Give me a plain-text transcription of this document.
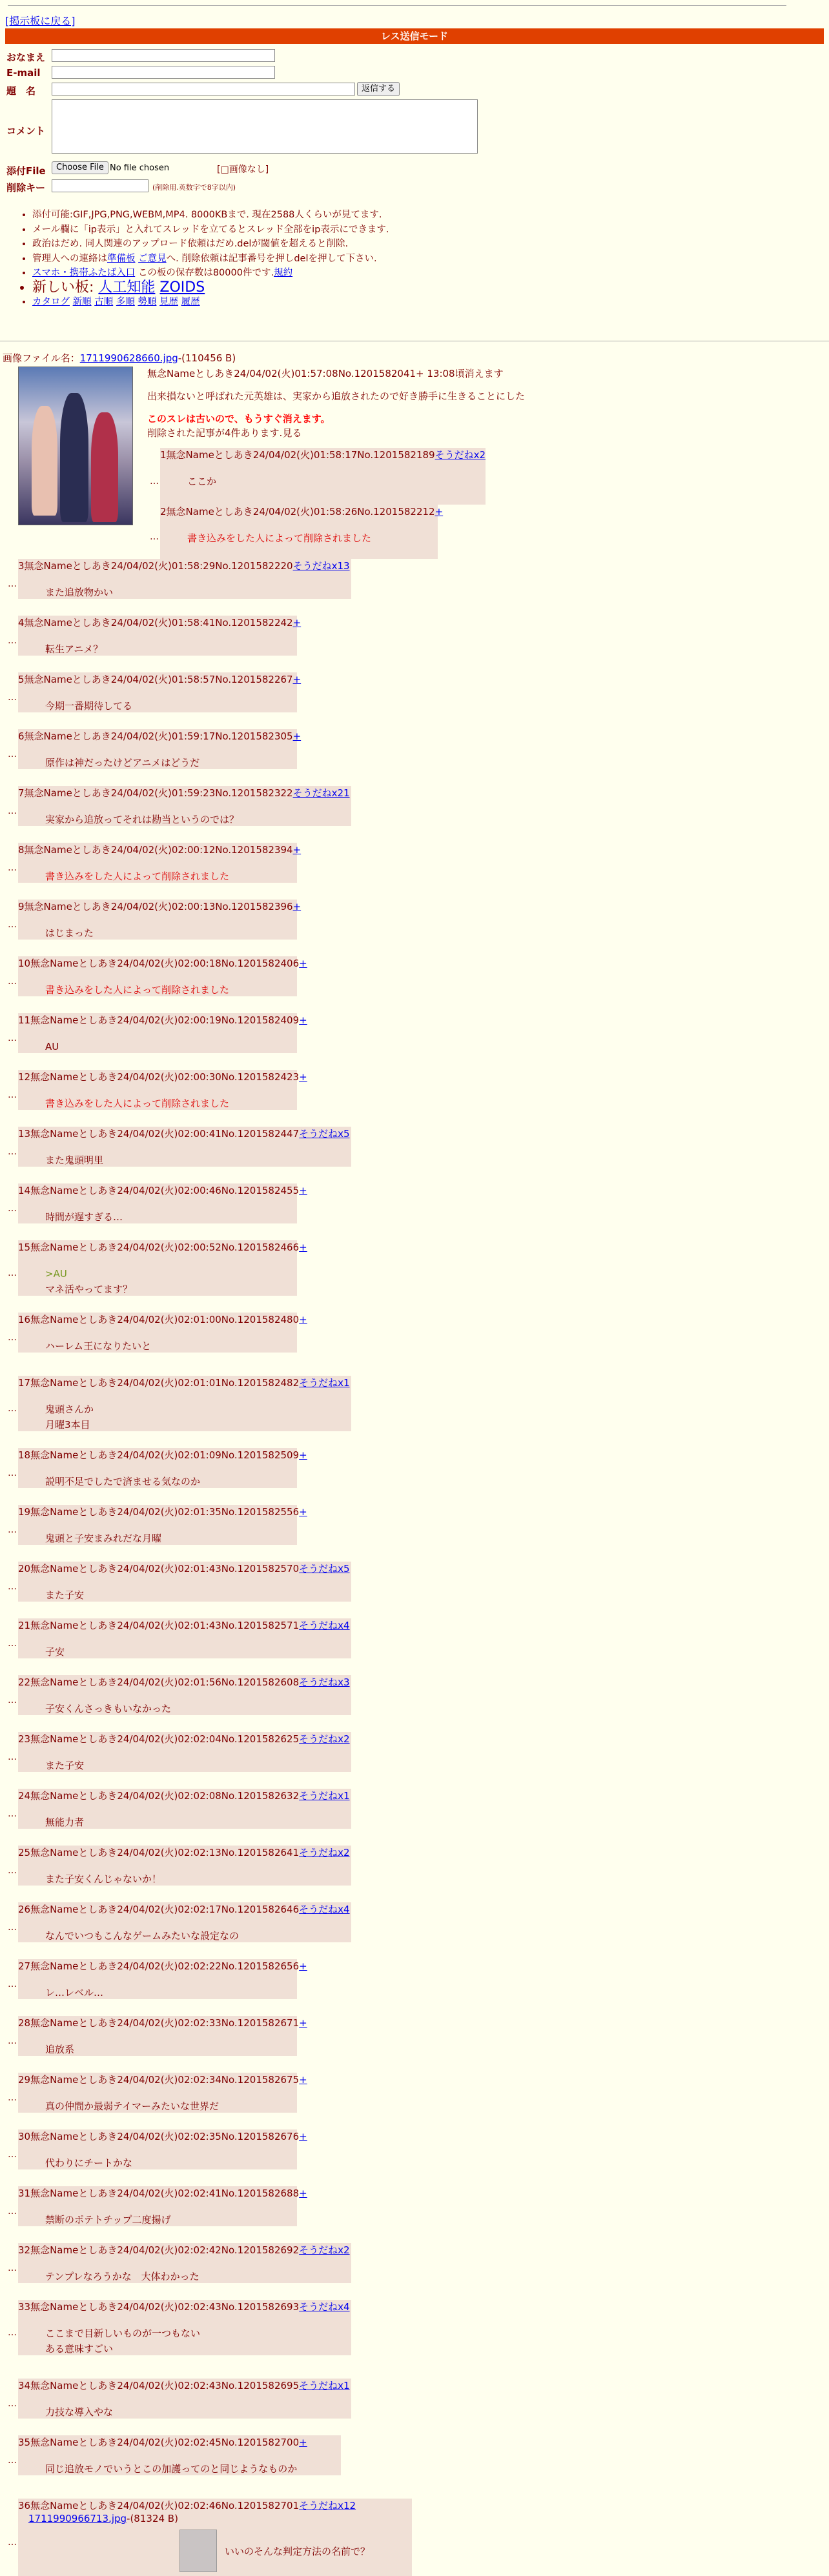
[掲示板に戻る]
レス送信モード
おなまえ
E-mail
題　名	返信する
コメント
添付File	Choose File No file chosen	[□画像なし]
削除キー	(削除用.英数字で8字以内)
• 添付可能:GIF,JPG,PNG,WEBM,MP4. 8000KBまで. 現在2588人くらいが見てます.
• メール欄に「ip表示」と入れてスレッドを立てるとスレッド全部をip表示にできます.
• 政治はだめ. 同人関連のアップロード依頼はだめ.delが閾値を超えると削除.
• 管理人への連絡は準備板 ご意見へ. 削除依頼は記事番号を押しdelを押して下さい.
• スマホ・携帯ふたば入口 この板の保存数は80000件です.規約
• 新しい板: 人工知能 ZOIDS
• カタログ 新順 古順 多順 勢順 見歴 履歴
画像ファイル名：1711990628660.jpg-(110456 B)
無念Nameとしあき24/04/02(火)01:57:08No.1201582041+ 13:08頃消えます
出来損ないと呼ばれた元英雄は、実家から追放されたので好き勝手に生きることにした
このスレは古いので、もうすぐ消えます。
削除された記事が4件あります.見る
…
1無念Nameとしあき24/04/02(火)01:58:17No.1201582189そうだねx2
ここか
…
2無念Nameとしあき24/04/02(火)01:58:26No.1201582212+
書き込みをした人によって削除されました
…
3無念Nameとしあき24/04/02(火)01:58:29No.1201582220そうだねx13
また追放物かい
…
4無念Nameとしあき24/04/02(火)01:58:41No.1201582242+
転生アニメ？
…
5無念Nameとしあき24/04/02(火)01:58:57No.1201582267+
今期一番期待してる
…
6無念Nameとしあき24/04/02(火)01:59:17No.1201582305+
原作は神だったけどアニメはどうだ
…
7無念Nameとしあき24/04/02(火)01:59:23No.1201582322そうだねx21
実家から追放ってそれは勘当というのでは？
…
8無念Nameとしあき24/04/02(火)02:00:12No.1201582394+
書き込みをした人によって削除されました
…
9無念Nameとしあき24/04/02(火)02:00:13No.1201582396+
はじまった
…
10無念Nameとしあき24/04/02(火)02:00:18No.1201582406+
書き込みをした人によって削除されました
…
11無念Nameとしあき24/04/02(火)02:00:19No.1201582409+
AU
…
12無念Nameとしあき24/04/02(火)02:00:30No.1201582423+
書き込みをした人によって削除されました
…
13無念Nameとしあき24/04/02(火)02:00:41No.1201582447そうだねx5
また鬼頭明里
…
14無念Nameとしあき24/04/02(火)02:00:46No.1201582455+
時間が遅すぎる…
…
15無念Nameとしあき24/04/02(火)02:00:52No.1201582466+
>AU
マネ活やってます？
…
16無念Nameとしあき24/04/02(火)02:01:00No.1201582480+
ハーレム王になりたいと
…
17無念Nameとしあき24/04/02(火)02:01:01No.1201582482そうだねx1
鬼頭さんか
月曜3本目
…
18無念Nameとしあき24/04/02(火)02:01:09No.1201582509+
説明不足でしたで済ませる気なのか
…
19無念Nameとしあき24/04/02(火)02:01:35No.1201582556+
鬼頭と子安まみれだな月曜
…
20無念Nameとしあき24/04/02(火)02:01:43No.1201582570そうだねx5
また子安
…
21無念Nameとしあき24/04/02(火)02:01:43No.1201582571そうだねx4
子安
…
22無念Nameとしあき24/04/02(火)02:01:56No.1201582608そうだねx3
子安くんさっきもいなかった
…
23無念Nameとしあき24/04/02(火)02:02:04No.1201582625そうだねx2
また子安
…
24無念Nameとしあき24/04/02(火)02:02:08No.1201582632そうだねx1
無能力者
…
25無念Nameとしあき24/04/02(火)02:02:13No.1201582641そうだねx2
また子安くんじゃないか！
…
26無念Nameとしあき24/04/02(火)02:02:17No.1201582646そうだねx4
なんでいつもこんなゲームみたいな設定なの
…
27無念Nameとしあき24/04/02(火)02:02:22No.1201582656+
レ…レベル…
…
28無念Nameとしあき24/04/02(火)02:02:33No.1201582671+
追放系
…
29無念Nameとしあき24/04/02(火)02:02:34No.1201582675+
真の仲間か最弱テイマーみたいな世界だ
…
30無念Nameとしあき24/04/02(火)02:02:35No.1201582676+
代わりにチートかな
…
31無念Nameとしあき24/04/02(火)02:02:41No.1201582688+
禁断のポテトチップ二度揚げ
…
32無念Nameとしあき24/04/02(火)02:02:42No.1201582692そうだねx2
テンプレなろうかな　大体わかった
…
33無念Nameとしあき24/04/02(火)02:02:43No.1201582693そうだねx4
ここまで目新しいものが一つもない
ある意味すごい
…
34無念Nameとしあき24/04/02(火)02:02:43No.1201582695そうだねx1
力技な導入やな
…
35無念Nameとしあき24/04/02(火)02:02:45No.1201582700+
同じ追放モノでいうとこの加護ってのと同じようなものか
…
36無念Nameとしあき24/04/02(火)02:02:46No.1201582701そうだねx12
1711990966713.jpg-(81324 B)
いいのそんな判定方法の名前で？
